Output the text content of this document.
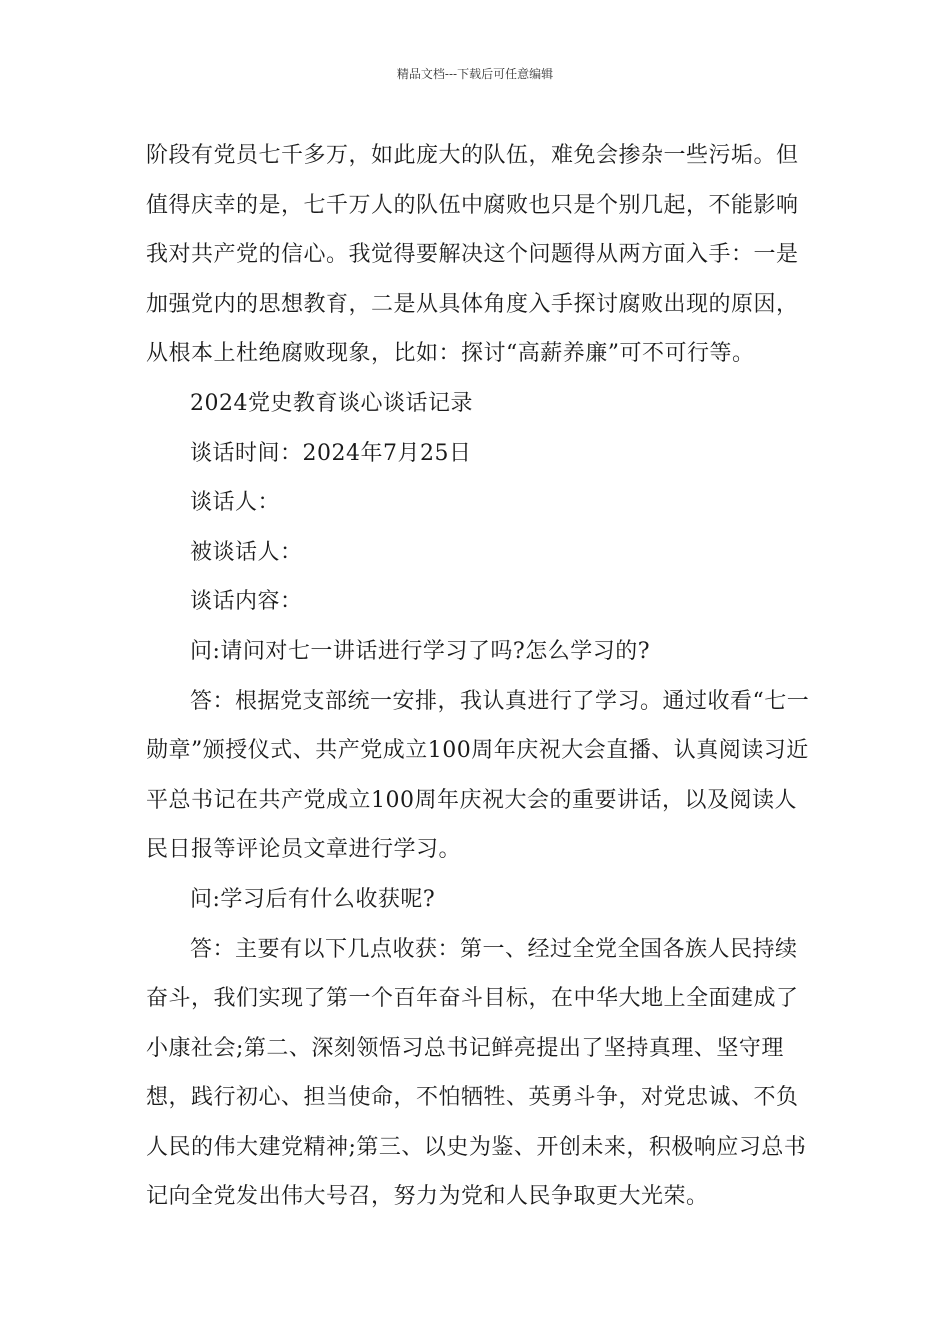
精品文档---下载后可任意编辑

阶段有党员七千多万，如此庞大的队伍，难免会掺杂一些污垢。但值得庆幸的是，七千万人的队伍中腐败也只是个别几起，不能影响我对共产党的信心。我觉得要解决这个问题得从两方面入手：一是加强党内的思想教育，二是从具体角度入手探讨腐败出现的原因，从根本上杜绝腐败现象，比如：探讨“高薪养廉”可不可行等。

2024党史教育谈心谈话记录

谈话时间：2024年7月25日

谈话人：

被谈话人：

谈话内容：

问:请问对七一讲话进行学习了吗?怎么学习的?

答：根据党支部统一安排，我认真进行了学习。通过收看“七一勋章”颁授仪式、共产党成立100周年庆祝大会直播、认真阅读习近平总书记在共产党成立100周年庆祝大会的重要讲话，以及阅读人民日报等评论员文章进行学习。

问:学习后有什么收获呢?

答：主要有以下几点收获：第一、经过全党全国各族人民持续奋斗，我们实现了第一个百年奋斗目标，在中华大地上全面建成了小康社会;第二、深刻领悟习总书记鲜亮提出了坚持真理、坚守理想，践行初心、担当使命，不怕牺牲、英勇斗争，对党忠诚、不负人民的伟大建党精神;第三、以史为鉴、开创未来，积极响应习总书记向全党发出伟大号召，努力为党和人民争取更大光荣。
